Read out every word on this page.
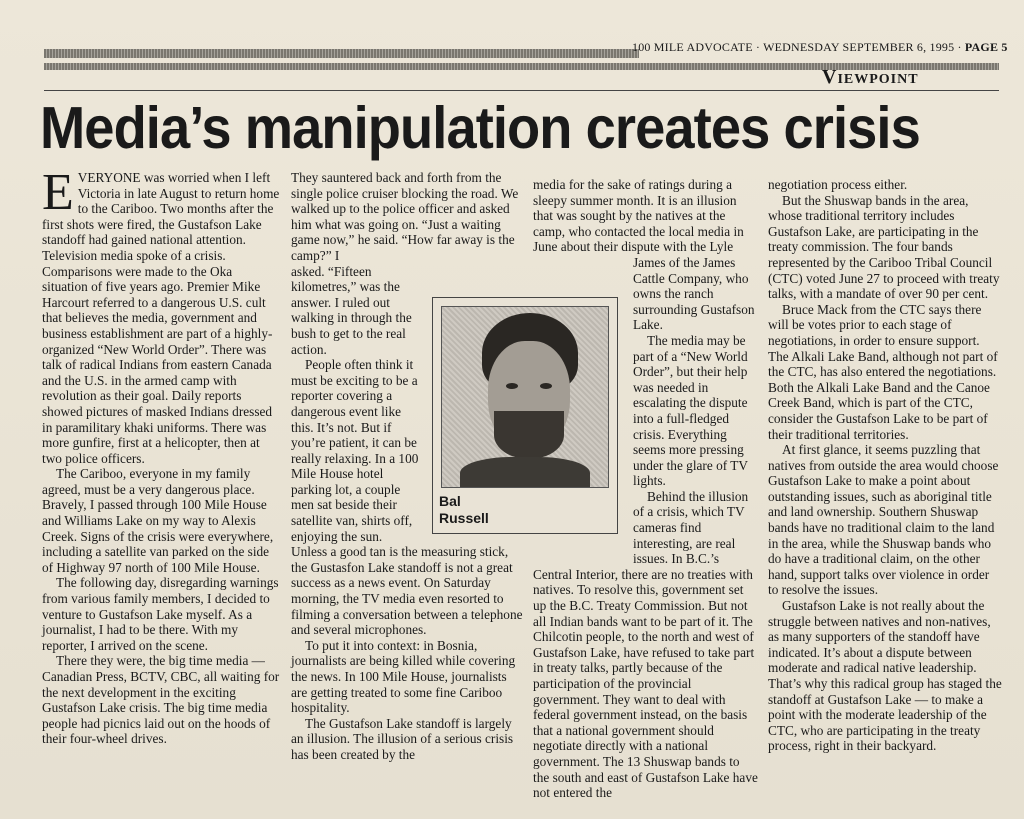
100 MILE ADVOCATE · WEDNESDAY SEPTEMBER 6, 1995 · PAGE 5
Viewpoint
Media’s manipulation creates crisis

EVERYONE was worried when I left Victoria in late August to return home to the Cariboo. Two months after the first shots were fired, the Gustafson Lake standoff had gained national attention. Television media spoke of a crisis. Comparisons were made to the Oka situation of five years ago. Premier Mike Harcourt referred to a dangerous U.S. cult that believes the media, government and business establishment are part of a highly-organized “New World Order”. There was talk of radical Indians from eastern Canada and the U.S. in the armed camp with revolution as their goal. Daily reports showed pictures of masked Indians dressed in paramilitary khaki uniforms. There was more gunfire, first at a helicopter, then at two police officers.

The Cariboo, everyone in my family agreed, must be a very dangerous place. Bravely, I passed through 100 Mile House and Williams Lake on my way to Alexis Creek. Signs of the crisis were everywhere, including a satellite van parked on the side of Highway 97 north of 100 Mile House.

The following day, disregarding warnings from various family members, I decided to venture to Gustafson Lake myself. As a journalist, I had to be there. With my reporter, I arrived on the scene.

There they were, the big time media — Canadian Press, BCTV, CBC, all waiting for the next development in the exciting Gustafson Lake crisis. The big time media people had picnics laid out on the hoods of their four-wheel drives.

They sauntered back and forth from the single police cruiser blocking the road. We walked up to the police officer and asked him what was going on. “Just a waiting game now,” he said. “How far away is the camp?” I

asked. “Fifteen kilometres,” was the answer. I ruled out walking in through the bush to get to the real action.

People often think it must be exciting to be a reporter covering a dangerous event like this. It’s not. But if you’re patient, it can be really relaxing. In a 100 Mile House hotel parking lot, a couple men sat beside their satellite van, shirts off, enjoying the sun.

Unless a good tan is the measuring stick, the Gustasfon Lake standoff is not a great success as a news event. On Saturday morning, the TV media even resorted to filming a conversation between a telephone and several microphones.

To put it into context: in Bosnia, journalists are being killed while covering the news. In 100 Mile House, journalists are getting treated to some fine Cariboo hospitality.

The Gustafson Lake standoff is largely an illusion. The illusion of a serious crisis has been created by the

media for the sake of ratings during a sleepy summer month. It is an illusion that was sought by the natives at the camp, who contacted the local media in June about their dispute with the Lyle

James of the James Cattle Company, who owns the ranch surrounding Gustafson Lake.

The media may be part of a “New World Order”, but their help was needed in escalating the dispute into a full-fledged crisis. Everything seems more pressing under the glare of TV lights.

Behind the illusion of a crisis, which TV cameras find interesting, are real issues. In B.C.’s

Central Interior, there are no treaties with natives. To resolve this, government set up the B.C. Treaty Commission. But not all Indian bands want to be part of it. The Chilcotin people, to the north and west of Gustafson Lake, have refused to take part in treaty talks, partly because of the participation of the provincial government. They want to deal with federal government instead, on the basis that a national government should negotiate directly with a national government. The 13 Shuswap bands to the south and east of Gustafson Lake have not entered the

negotiation process either.

But the Shuswap bands in the area, whose traditional territory includes Gustafson Lake, are participating in the treaty commission. The four bands represented by the Cariboo Tribal Council (CTC) voted June 27 to proceed with treaty talks, with a mandate of over 90 per cent.

Bruce Mack from the CTC says there will be votes prior to each stage of negotiations, in order to ensure support. The Alkali Lake Band, although not part of the CTC, has also entered the negotiations. Both the Alkali Lake Band and the Canoe Creek Band, which is part of the CTC, consider the Gustafson Lake to be part of their traditional territories.

At first glance, it seems puzzling that natives from outside the area would choose Gustafson Lake to make a point about outstanding issues, such as aboriginal title and land ownership. Southern Shuswap bands have no traditional claim to the land in the area, while the Shuswap bands who do have a traditional claim, on the other hand, support talks over violence in order to resolve the issues.

Gustafson Lake is not really about the struggle between natives and non-natives, as many supporters of the standoff have indicated. It’s about a dispute between moderate and radical native leadership. That’s why this radical group has staged the standoff at Gustafson Lake — to make a point with the moderate leadership of the CTC, who are participating in the treaty process, right in their backyard.

Bal
Russell
